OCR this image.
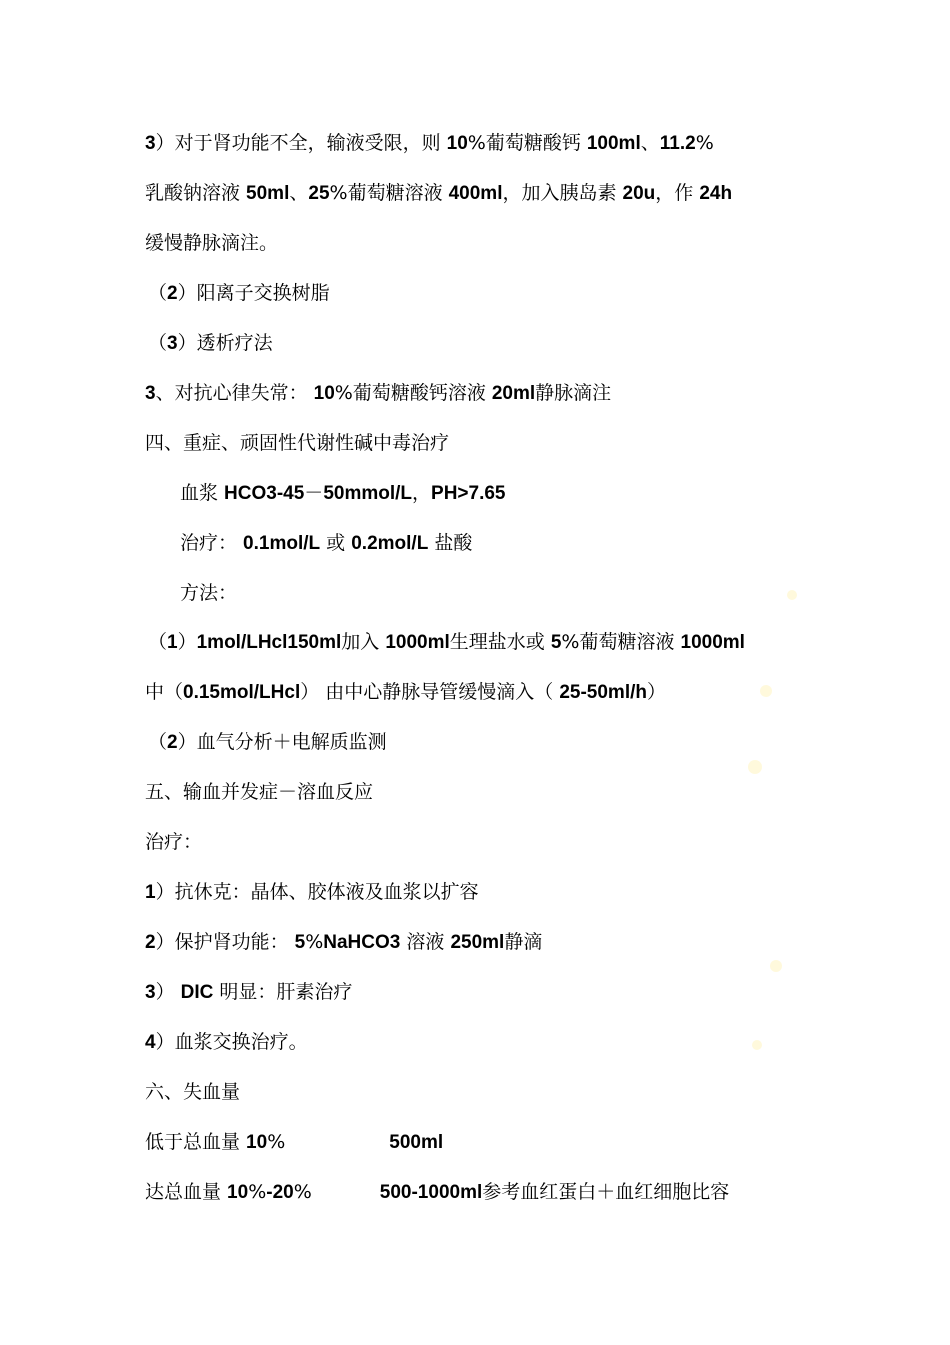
3）对于肾功能不全，输液受限，则 10%葡萄糖酸钙 100ml、11.2%
乳酸钠溶液 50ml、25%葡萄糖溶液 400ml，加入胰岛素 20u，作 24h
缓慢静脉滴注。
（2）阳离子交换树脂
（3）透析疗法
3、对抗心律失常： 10%葡萄糖酸钙溶液 20ml静脉滴注
四、重症、顽固性代谢性碱中毒治疗
血浆 HCO3-45－50mmol/L，PH>7.65
治疗： 0.1mol/L 或 0.2mol/L 盐酸
方法：
（1）1mol/LHcl150ml加入 1000ml生理盐水或 5%葡萄糖溶液 1000ml
中（0.15mol/LHcl） 由中心静脉导管缓慢滴入（ 25-50ml/h）
（2）血气分析＋电解质监测
五、输血并发症－溶血反应
治疗：
1）抗休克：晶体、胶体液及血浆以扩容
2）保护肾功能： 5%NaHCO3 溶液 250ml静滴
3） DIC 明显：肝素治疗
4）血浆交换治疗。
六、失血量
低于总血量 10%	500ml
达总血量 10%-20%	500-1000ml参考血红蛋白＋血红细胞比容
